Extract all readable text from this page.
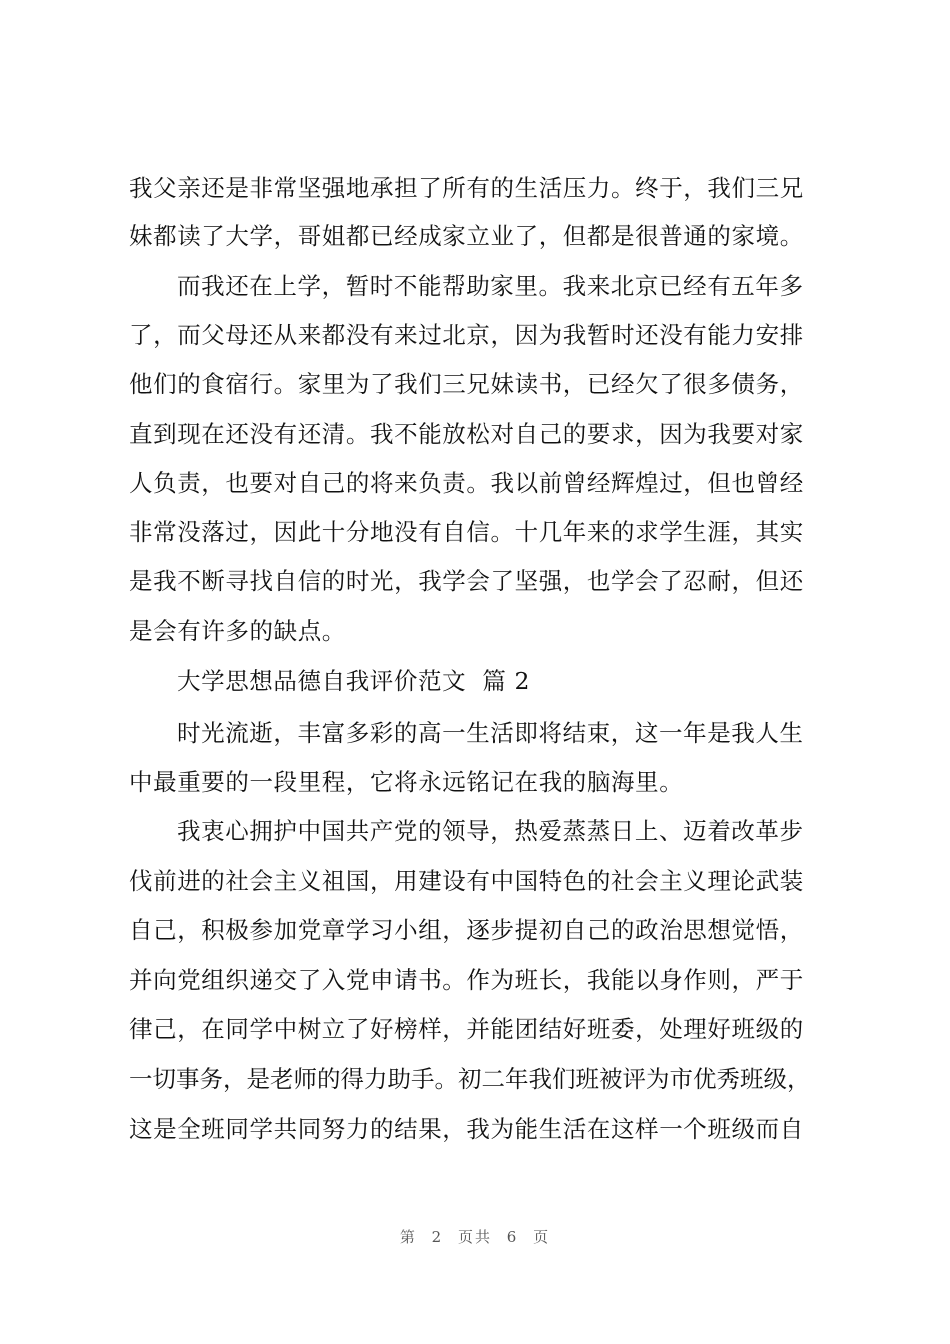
我父亲还是非常坚强地承担了所有的生活压力。终于，我们三兄
妹都读了大学，哥姐都已经成家立业了，但都是很普通的家境。
而我还在上学，暂时不能帮助家里。我来北京已经有五年多
了，而父母还从来都没有来过北京，因为我暂时还没有能力安排
他们的食宿行。家里为了我们三兄妹读书，已经欠了很多债务，
直到现在还没有还清。我不能放松对自己的要求，因为我要对家
人负责，也要对自己的将来负责。我以前曾经辉煌过，但也曾经
非常没落过，因此十分地没有自信。十几年来的求学生涯，其实
是我不断寻找自信的时光，我学会了坚强，也学会了忍耐，但还
是会有许多的缺点。
大学思想品德自我评价范文  篇 2
时光流逝，丰富多彩的高一生活即将结束，这一年是我人生
中最重要的一段里程，它将永远铭记在我的脑海里。
我衷心拥护中国共产党的领导，热爱蒸蒸日上、迈着改革步
伐前进的社会主义祖国，用建设有中国特色的社会主义理论武装
自己，积极参加党章学习小组，逐步提初自己的政治思想觉悟，
并向党组织递交了入党申请书。作为班长，我能以身作则，严于
律己，在同学中树立了好榜样，并能团结好班委，处理好班级的
一切事务，是老师的得力助手。初二年我们班被评为市优秀班级，
这是全班同学共同努力的结果，我为能生活在这样一个班级而自
第 2 页共 6 页
